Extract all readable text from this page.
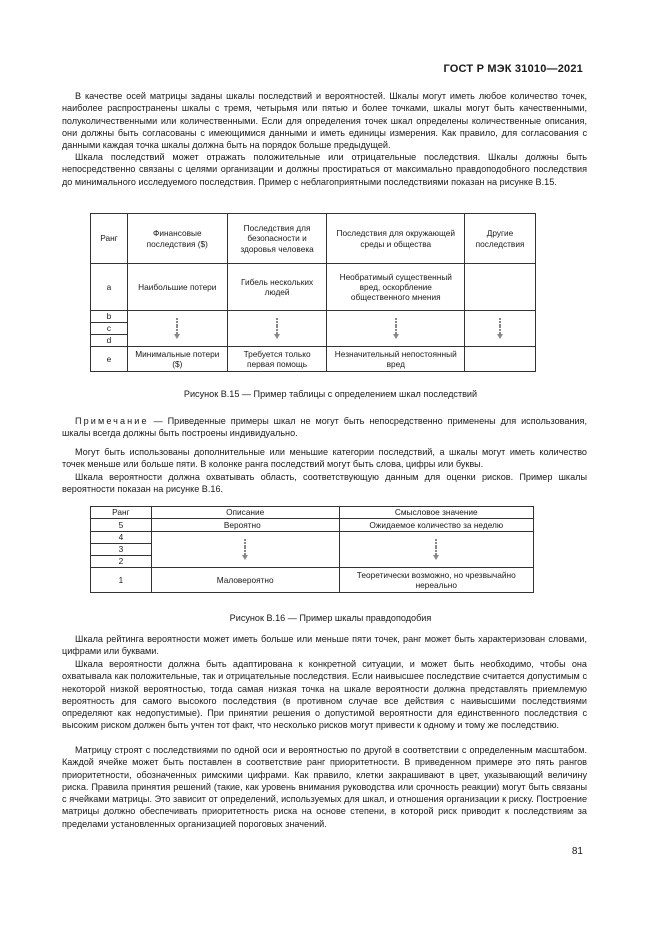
ГОСТ Р МЭК 31010—2021

В качестве осей матрицы заданы шкалы последствий и вероятностей. Шкалы могут иметь любое количество точек, наиболее распространены шкалы с тремя, четырьмя или пятью и более точками, шкалы могут быть качественными, полуколичественными или количественными. Если для определения точек шкал определены количественные описания, они должны быть согласованы с имеющимися данными и иметь единицы измерения. Как правило, для согласования с данными каждая точка шкалы должна быть на порядок больше предыдущей.

Шкала последствий может отражать положительные или отрицательные последствия. Шкалы должны быть непосредственно связаны с целями организации и должны простираться от максимально правдоподобного последствия до минимального исследуемого последствия. Пример с неблагоприятными последствиями показан на рисунке В.15.

Ранг	Финансовые последствия ($)	Последствия для безопасности и здоровья человека	Последствия для окружающей среды и общества	Другие последствия
a	Наибольшие потери	Гибель нескольких людей	Необратимый существенный вред, оскорбление общественного мнения	
b	

c				
d				
e	Минимальные потери ($)	Требуется только первая помощь	Незначительный непостоянный вред	
Рисунок В.15 — Пример таблицы с определением шкал последствий

Примечание — Приведенные примеры шкал не могут быть непосредственно применены для использования, шкалы всегда должны быть построены индивидуально.

Могут быть использованы дополнительные или меньшие категории последствий, а шкалы могут иметь количество точек меньше или больше пяти. В колонке ранга последствий могут быть слова, цифры или буквы.

Шкала вероятности должна охватывать область, соответствующую данным для оценки рисков. Пример шкалы вероятности показан на рисунке В.16.

Ранг	Описание	Смысловое значение
5	Вероятно	Ожидаемое количество за неделю
4	

3		
2		
1	Маловероятно	Теоретически возможно, но чрезвычайно нереально
Рисунок В.16 — Пример шкалы правдоподобия

Шкала рейтинга вероятности может иметь больше или меньше пяти точек, ранг может быть характеризован словами, цифрами или буквами.

Шкала вероятности должна быть адаптирована к конкретной ситуации, и может быть необходимо, чтобы она охватывала как положительные, так и отрицательные последствия. Если наивысшее последствие считается допустимым с некоторой низкой вероятностью, тогда самая низкая точка на шкале вероятности должна представлять приемлемую вероятность для самого высокого последствия (в противном случае все действия с наивысшими последствиями определяют как недопустимые). При принятии решения о допустимой вероятности для единственного последствия с высоким риском должен быть учтен тот факт, что несколько рисков могут привести к одному и тому же последствию.

Матрицу строят с последствиями по одной оси и вероятностью по другой в соответствии с определенным масштабом. Каждой ячейке может быть поставлен в соответствие ранг приоритетности. В приведенном примере это пять рангов приоритетности, обозначенных римскими цифрами. Как правило, клетки закрашивают в цвет, указывающий величину риска. Правила принятия решений (такие, как уровень внимания руководства или срочность реакции) могут быть связаны с ячейками матрицы. Это зависит от определений, используемых для шкал, и отношения организации к риску. Построение матрицы должно обеспечивать приоритетность риска на основе степени, в которой риск приводит к последствиям за пределами установленных организацией пороговых значений.

81
